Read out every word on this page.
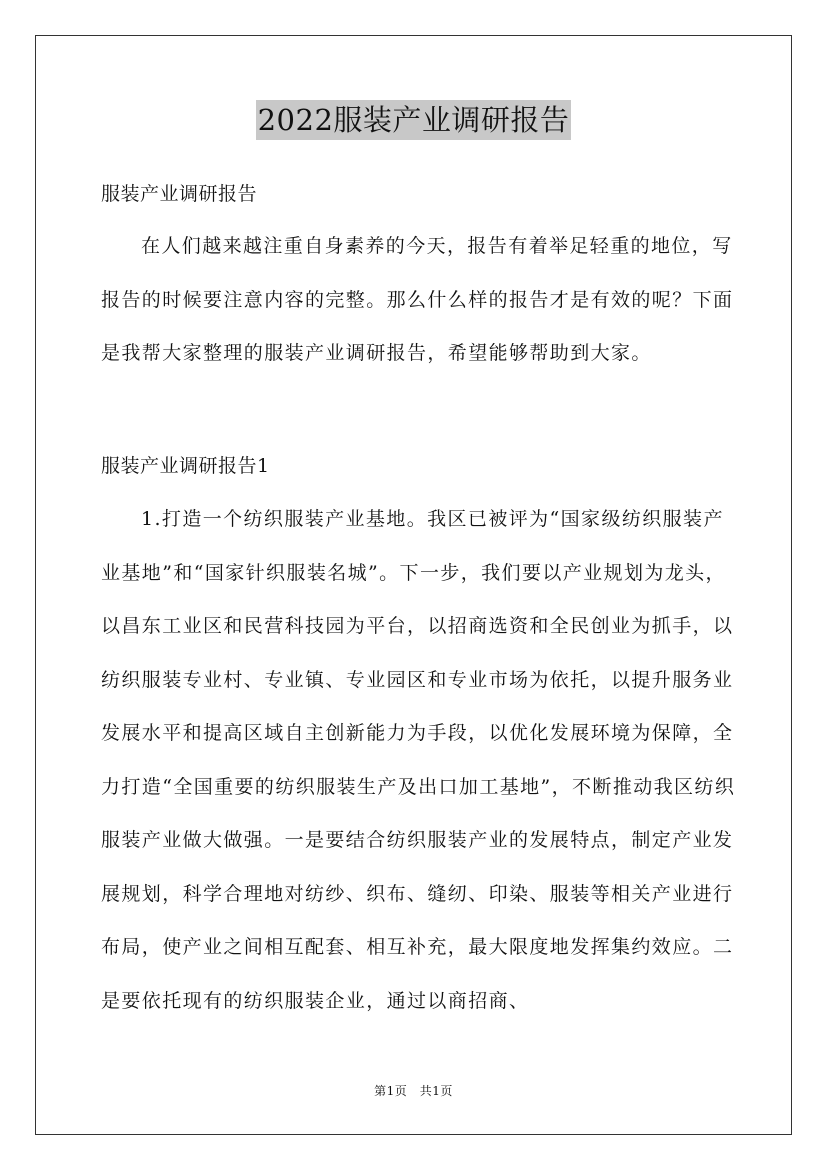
2022服装产业调研报告

服装产业调研报告

在人们越来越注重自身素养的今天，报告有着举足轻重的地位，写报告的时候要注意内容的完整。那么什么样的报告才是有效的呢？下面是我帮大家整理的服装产业调研报告，希望能够帮助到大家。

服装产业调研报告1

1.打造一个纺织服装产业基地。我区已被评为“国家级纺织服装产业基地”和“国家针织服装名城”。下一步，我们要以产业规划为龙头，以昌东工业区和民营科技园为平台，以招商选资和全民创业为抓手，以纺织服装专业村、专业镇、专业园区和专业市场为依托，以提升服务业发展水平和提高区域自主创新能力为手段，以优化发展环境为保障，全力打造“全国重要的纺织服装生产及出口加工基地”，不断推动我区纺织服装产业做大做强。一是要结合纺织服装产业的发展特点，制定产业发展规划，科学合理地对纺纱、织布、缝纫、印染、服装等相关产业进行布局，使产业之间相互配套、相互补充，最大限度地发挥集约效应。二是要依托现有的纺织服装企业，通过以商招商、

第1页　共1页
